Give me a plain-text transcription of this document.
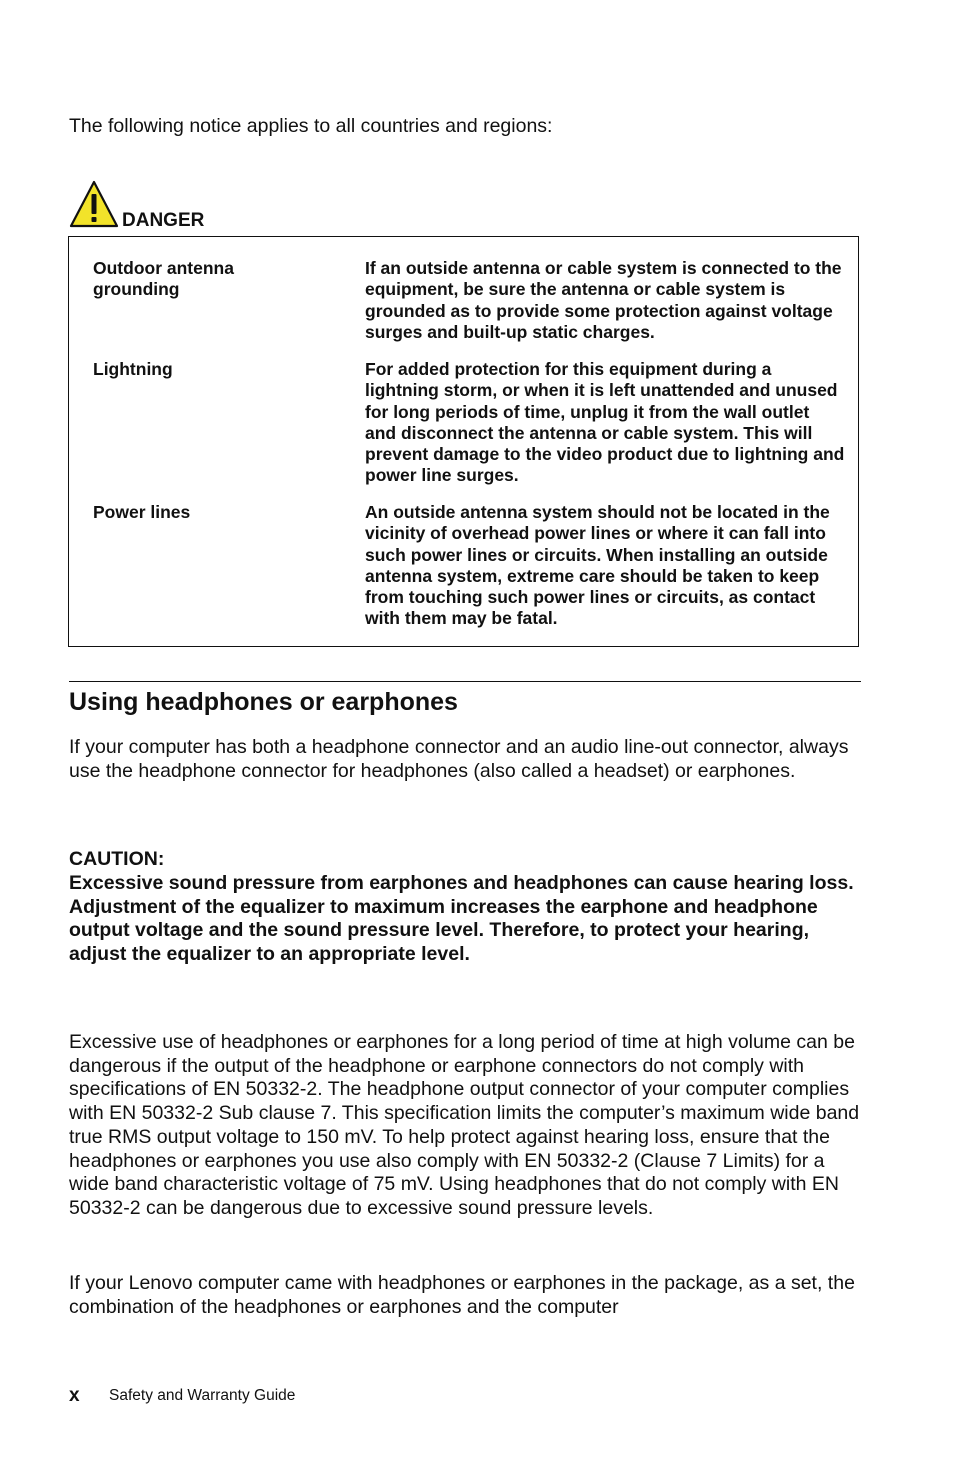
The following notice applies to all countries and regions:

DANGER

Outdoor antenna grounding

If an outside antenna or cable system is connected to the equipment, be sure the antenna or cable system is grounded as to provide some protection against voltage surges and built-up static charges.

Lightning	For added protection for this equipment during a lightning storm, or when it is left unattended and unused for long periods of time, unplug it from the wall outlet and disconnect the antenna or cable system. This will prevent damage to the video product due to lightning and power line surges.

Power lines	An outside antenna system should not be located in the vicinity of overhead power lines or where it can fall into such power lines or circuits. When installing an outside antenna system, extreme care should be taken to keep from touching such power lines or circuits, as contact with them may be fatal.

Using headphones or earphones

If your computer has both a headphone connector and an audio line-out connector, always use the headphone connector for headphones (also called a headset) or earphones.

CAUTION:

Excessive sound pressure from earphones and headphones can cause hearing loss. Adjustment of the equalizer to maximum increases the earphone and headphone output voltage and the sound pressure level. Therefore, to protect your hearing, adjust the equalizer to an appropriate level.

Excessive use of headphones or earphones for a long period of time at high volume can be dangerous if the output of the headphone or earphone connectors do not comply with specifications of EN 50332-2. The headphone output connector of your computer complies with EN 50332-2 Sub clause 7. This specification limits the computer’s maximum wide band true RMS output voltage to 150 mV. To help protect against hearing loss, ensure that the headphones or earphones you use also comply with EN 50332-2 (Clause 7 Limits) for a wide band characteristic voltage of 75 mV. Using headphones that do not comply with EN 50332-2 can be dangerous due to excessive sound pressure levels.

If your Lenovo computer came with headphones or earphones in the package, as a set, the combination of the headphones or earphones and the computer

x Safety and Warranty Guide
